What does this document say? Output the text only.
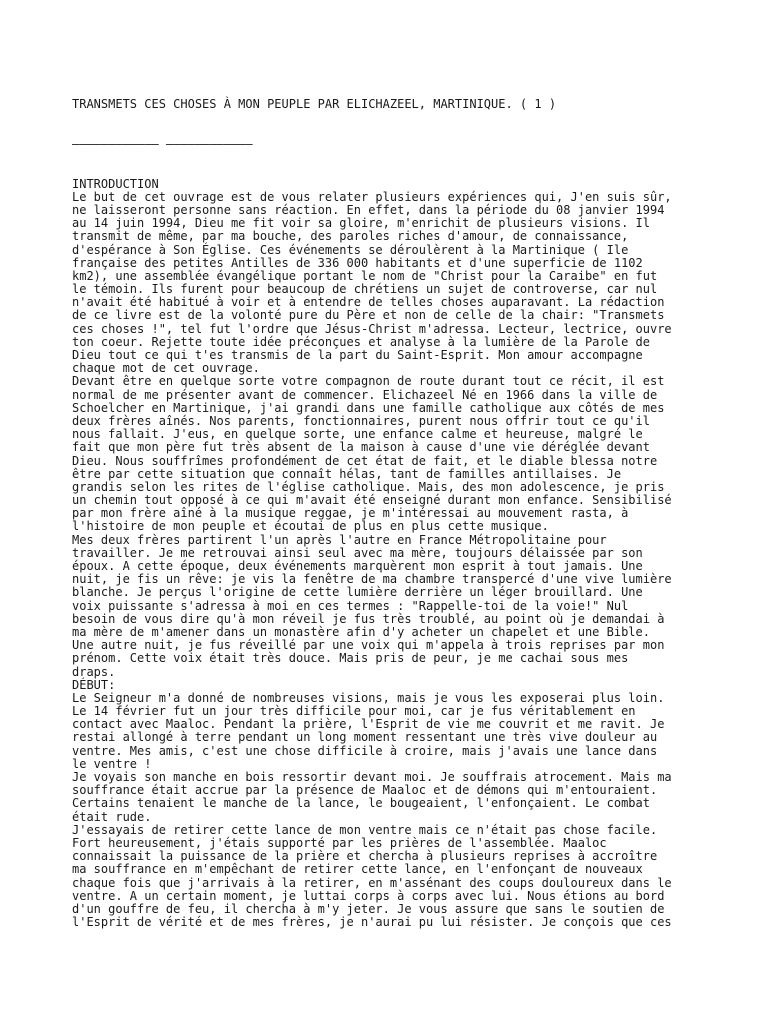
TRANSMETS CES CHOSES À MON PEUPLE PAR ELICHAZEEL, MARTINIQUE. ( 1 )

———————————— ————————————

INTRODUCTION
Le but de cet ouvrage est de vous relater plusieurs expériences qui, J'en suis sûr,
ne laisseront personne sans réaction. En effet, dans la période du 08 janvier 1994
au 14 juin 1994, Dieu me fit voir sa gloire, m'enrichit de plusieurs visions. Il
transmit de même, par ma bouche, des paroles riches d'amour, de connaissance,
d'espérance à Son Église. Ces événements se déroulèrent à la Martinique ( Ile
française des petites Antilles de 336 000 habitants et d'une superficie de 1102
km2), une assemblée évangélique portant le nom de "Christ pour la Caraibe" en fut
le témoin. Ils furent pour beaucoup de chrétiens un sujet de controverse, car nul
n'avait été habitué à voir et à entendre de telles choses auparavant. La rédaction
de ce livre est de la volonté pure du Père et non de celle de la chair: "Transmets
ces choses !", tel fut l'ordre que Jésus-Christ m'adressa. Lecteur, lectrice, ouvre
ton coeur. Rejette toute idée préconçues et analyse à la lumière de la Parole de
Dieu tout ce qui t'es transmis de la part du Saint-Esprit. Mon amour accompagne
chaque mot de cet ouvrage.
Devant être en quelque sorte votre compagnon de route durant tout ce récit, il est
normal de me présenter avant de commencer. Elichazeel Né en 1966 dans la ville de
Schoelcher en Martinique, j'ai grandi dans une famille catholique aux côtés de mes
deux frères aînés. Nos parents, fonctionnaires, purent nous offrir tout ce qu'il
nous fallait. J'eus, en quelque sorte, une enfance calme et heureuse, malgré le
fait que mon père fut très absent de la maison à cause d'une vie déréglée devant
Dieu. Nous souffrîmes profondément de cet état de fait, et le diable blessa notre
être par cette situation que connaît hélas, tant de familles antillaises. Je
grandis selon les rites de l'église catholique. Mais, des mon adolescence, je pris
un chemin tout opposé à ce qui m'avait été enseigné durant mon enfance. Sensibilisé
par mon frère aîné à la musique reggae, je m'intéressai au mouvement rasta, à
l'histoire de mon peuple et écoutai de plus en plus cette musique.
Mes deux frères partirent l'un après l'autre en France Métropolitaine pour
travailler. Je me retrouvai ainsi seul avec ma mère, toujours délaissée par son
époux. A cette époque, deux événements marquèrent mon esprit à tout jamais. Une
nuit, je fis un rêve: je vis la fenêtre de ma chambre transpercé d'une vive lumière
blanche. Je perçus l'origine de cette lumière derrière un léger brouillard. Une
voix puissante s'adressa à moi en ces termes : "Rappelle-toi de la voie!" Nul
besoin de vous dire qu'à mon réveil je fus très troublé, au point où je demandai à
ma mère de m'amener dans un monastère afin d'y acheter un chapelet et une Bible.
Une autre nuit, je fus réveillé par une voix qui m'appela à trois reprises par mon
prénom. Cette voix était très douce. Mais pris de peur, je me cachai sous mes
draps.
DÉBUT:
Le Seigneur m'a donné de nombreuses visions, mais je vous les exposerai plus loin.
Le 14 février fut un jour très difficile pour moi, car je fus véritablement en
contact avec Maaloc. Pendant la prière, l'Esprit de vie me couvrit et me ravit. Je
restai allongé à terre pendant un long moment ressentant une très vive douleur au
ventre. Mes amis, c'est une chose difficile à croire, mais j'avais une lance dans
le ventre !
Je voyais son manche en bois ressortir devant moi. Je souffrais atrocement. Mais ma
souffrance était accrue par la présence de Maaloc et de démons qui m'entouraient.
Certains tenaient le manche de la lance, le bougeaient, l'enfonçaient. Le combat
était rude.
J'essayais de retirer cette lance de mon ventre mais ce n'était pas chose facile.
Fort heureusement, j'étais supporté par les prières de l'assemblée. Maaloc
connaissait la puissance de la prière et chercha à plusieurs reprises à accroître
ma souffrance en m'empêchant de retirer cette lance, en l'enfonçant de nouveaux
chaque fois que j'arrivais à la retirer, en m'assénant des coups douloureux dans le
ventre. A un certain moment, je luttai corps à corps avec lui. Nous étions au bord
d'un gouffre de feu, il chercha à m'y jeter. Je vous assure que sans le soutien de
l'Esprit de vérité et de mes frères, je n'aurai pu lui résister. Je conçois que ces
